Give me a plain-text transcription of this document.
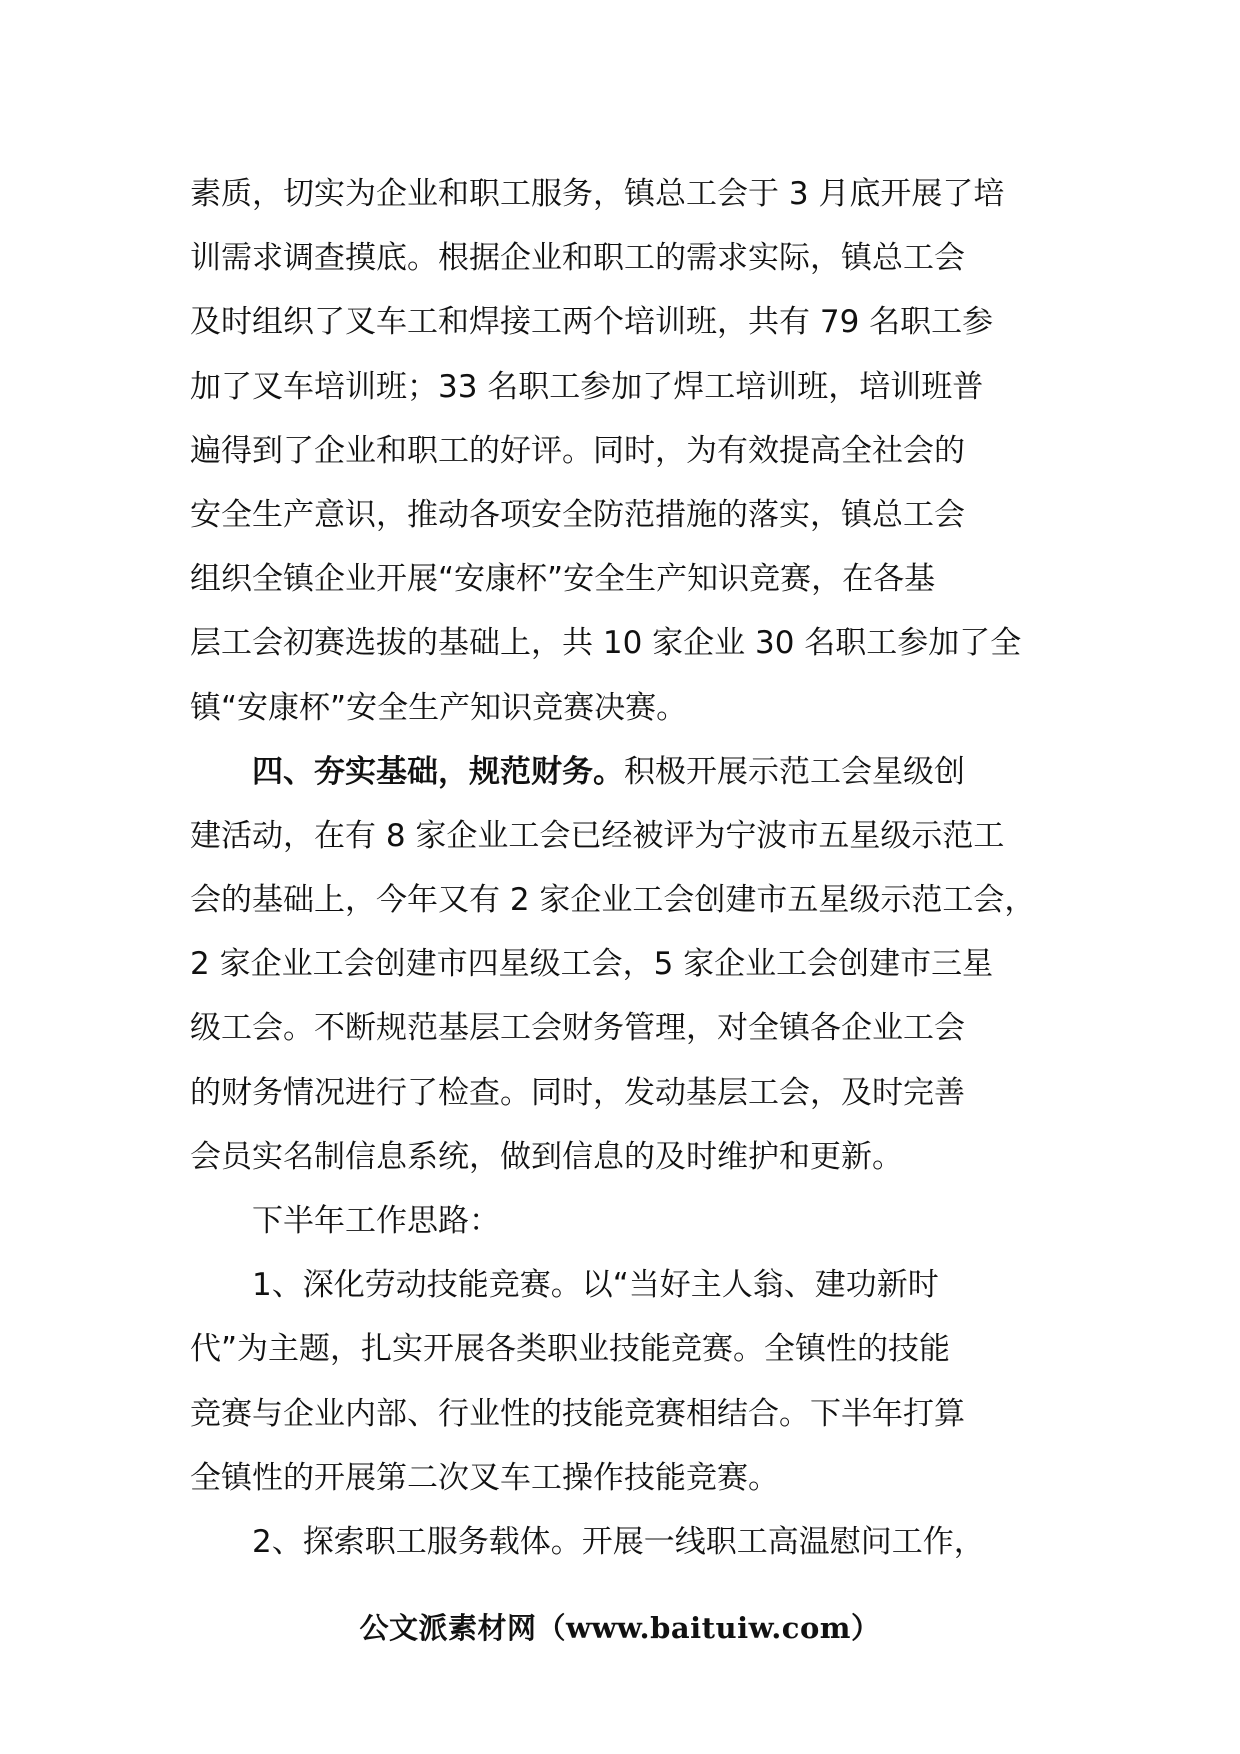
素质，切实为企业和职工服务，镇总工会于 3 月底开展了培
训需求调查摸底。根据企业和职工的需求实际，镇总工会
及时组织了叉车工和焊接工两个培训班，共有 79 名职工参
加了叉车培训班；33 名职工参加了焊工培训班，培训班普
遍得到了企业和职工的好评。同时，为有效提高全社会的
安全生产意识，推动各项安全防范措施的落实，镇总工会
组织全镇企业开展“安康杯”安全生产知识竞赛，在各基
层工会初赛选拔的基础上，共 10 家企业 30 名职工参加了全
镇“安康杯”安全生产知识竞赛决赛。
四、夯实基础，规范财务。积极开展示范工会星级创
建活动，在有 8 家企业工会已经被评为宁波市五星级示范工
会的基础上，今年又有 2 家企业工会创建市五星级示范工会，
2 家企业工会创建市四星级工会，5 家企业工会创建市三星
级工会。不断规范基层工会财务管理，对全镇各企业工会
的财务情况进行了检查。同时，发动基层工会，及时完善
会员实名制信息系统，做到信息的及时维护和更新。
下半年工作思路：
1、深化劳动技能竞赛。以“当好主人翁、建功新时
代”为主题，扎实开展各类职业技能竞赛。全镇性的技能
竞赛与企业内部、行业性的技能竞赛相结合。下半年打算
全镇性的开展第二次叉车工操作技能竞赛。
2、探索职工服务载体。开展一线职工高温慰问工作，
公文派素材网（www.baituiw.com）
